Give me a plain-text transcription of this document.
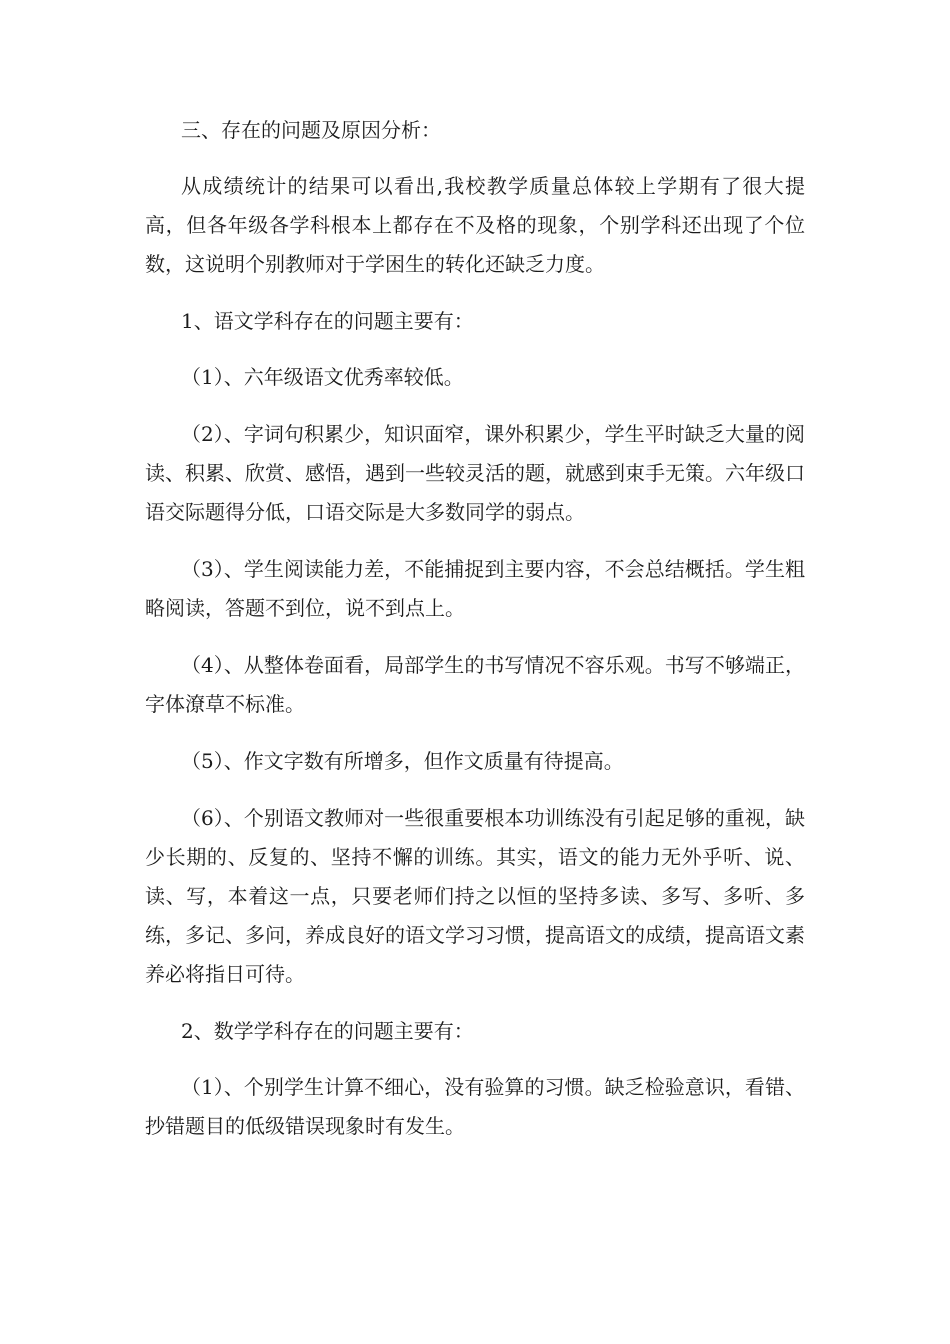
三、存在的问题及原因分析：

从成绩统计的结果可以看出,我校教学质量总体较上学期有了很大提高，但各年级各学科根本上都存在不及格的现象，个别学科还出现了个位数，这说明个别教师对于学困生的转化还缺乏力度。

1、语文学科存在的问题主要有：

（1）、六年级语文优秀率较低。

（2）、字词句积累少，知识面窄，课外积累少，学生平时缺乏大量的阅读、积累、欣赏、感悟，遇到一些较灵活的题，就感到束手无策。六年级口语交际题得分低，口语交际是大多数同学的弱点。

（3）、学生阅读能力差，不能捕捉到主要内容，不会总结概括。学生粗略阅读，答题不到位，说不到点上。

（4）、从整体卷面看，局部学生的书写情况不容乐观。书写不够端正，字体潦草不标准。

（5）、作文字数有所增多，但作文质量有待提高。

（6）、个别语文教师对一些很重要根本功训练没有引起足够的重视，缺少长期的、反复的、坚持不懈的训练。其实，语文的能力无外乎听、说、读、写，本着这一点，只要老师们持之以恒的坚持多读、多写、多听、多练，多记、多问，养成良好的语文学习习惯，提高语文的成绩，提高语文素养必将指日可待。

2、数学学科存在的问题主要有：

（1）、个别学生计算不细心，没有验算的习惯。缺乏检验意识，看错、抄错题目的低级错误现象时有发生。
